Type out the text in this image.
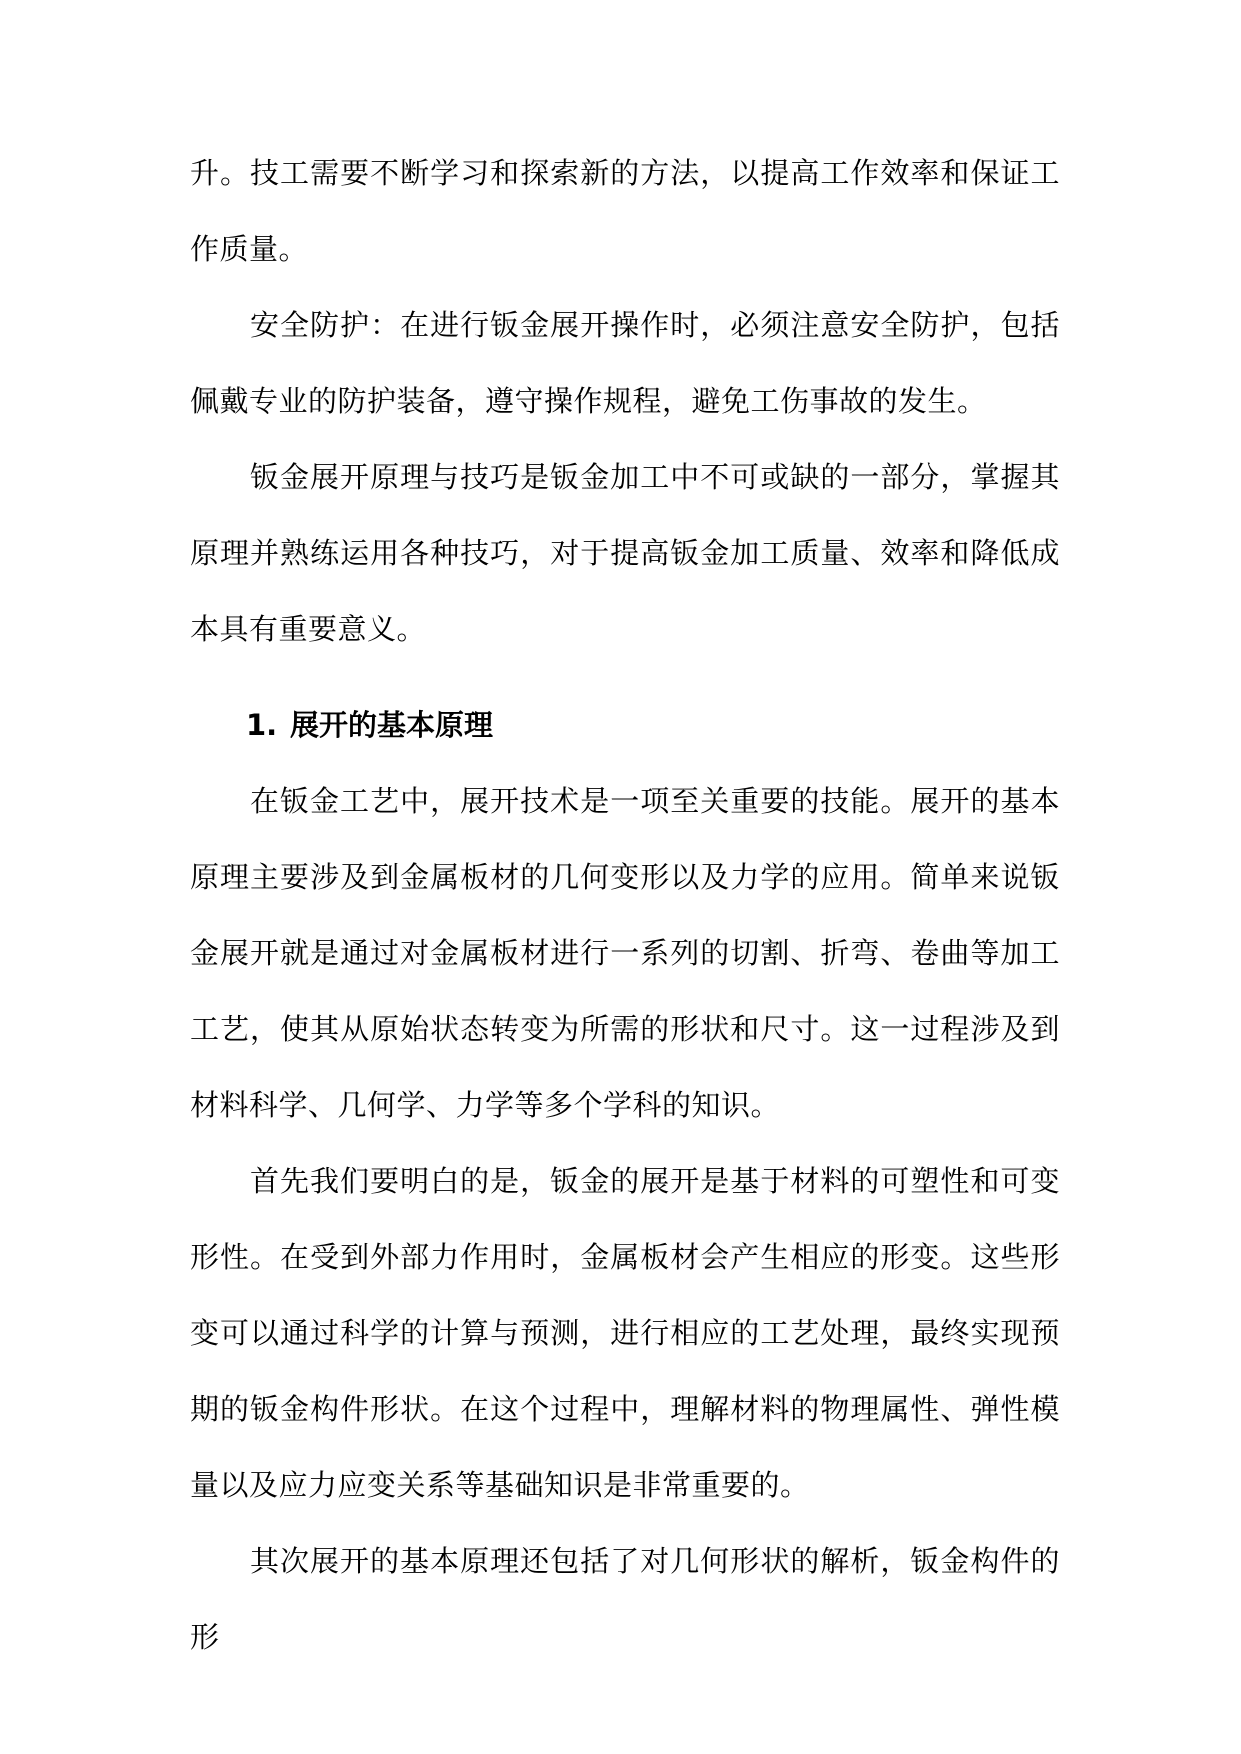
升。技工需要不断学习和探索新的方法，以提高工作效率和保证工作质量。

安全防护：在进行钣金展开操作时，必须注意安全防护，包括佩戴专业的防护装备，遵守操作规程，避免工伤事故的发生。

钣金展开原理与技巧是钣金加工中不可或缺的一部分，掌握其原理并熟练运用各种技巧，对于提高钣金加工质量、效率和降低成本具有重要意义。

1. 展开的基本原理

在钣金工艺中，展开技术是一项至关重要的技能。展开的基本原理主要涉及到金属板材的几何变形以及力学的应用。简单来说钣金展开就是通过对金属板材进行一系列的切割、折弯、卷曲等加工工艺，使其从原始状态转变为所需的形状和尺寸。这一过程涉及到材料科学、几何学、力学等多个学科的知识。

首先我们要明白的是，钣金的展开是基于材料的可塑性和可变形性。在受到外部力作用时，金属板材会产生相应的形变。这些形变可以通过科学的计算与预测，进行相应的工艺处理，最终实现预期的钣金构件形状。在这个过程中，理解材料的物理属性、弹性模量以及应力应变关系等基础知识是非常重要的。

其次展开的基本原理还包括了对几何形状的解析，钣金构件的形
